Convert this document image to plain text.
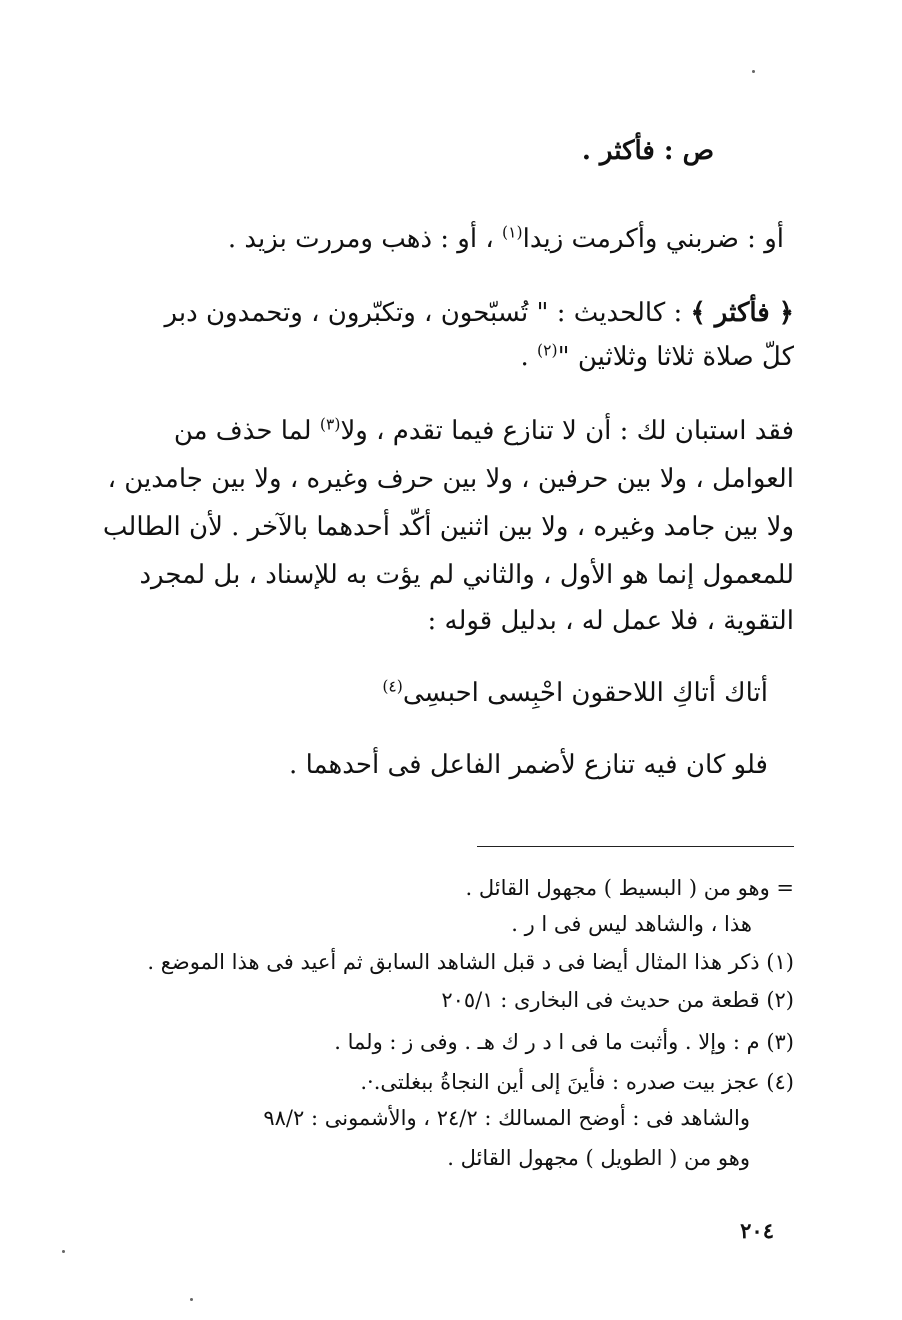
ص : فأكثر .
أو : ضربني وأكرمت زيدا$^{(١)}$ ، أو : ذهب ومررت بزيد .
﴿ فأكثر ﴾ : كالحديث : " تُسبّحون ، وتكبّرون ، وتحمدون دبر
كلّ صلاة ثلاثا وثلاثين "$^{(٢)}$ .
فقد استبان لك : أن لا تنازع فيما تقدم ، ولا$^{(٣)}$ لما حذف من
العوامل ، ولا بين حرفين ، ولا بين حرف وغيره ، ولا بين جامدين ،
ولا بين جامد وغيره ، ولا بين اثنين أكّد أحدهما بالآخر . لأن الطالب
للمعمول إنما هو الأول ، والثاني لم يؤت به للإسناد ، بل لمجرد
التقوية ، فلا عمل له ، بدليل قوله :
أتاك أتاكِ اللاحقون احْبِسى احبسِى$^{(٤)}$
فلو كان فيه تنازع لأضمر الفاعل فى أحدهما .
= وهو من ( البسيط ) مجهول القائل .
هذا ، والشاهد ليس فى ا ر .
(١) ذكر هذا المثال أيضا فى د قبل الشاهد السابق ثم أعيد فى هذا الموضع .
(٢) قطعة من حديث فى البخارى : ٢٠٥/١
(٣) م : وإلا . وأثبت ما فى ا د ر ك هـ . وفى ز : ولما .
(٤) عجز بيت صدره : فأينَ إلى أين النجاةُ ببغلتى.·.
والشاهد فى : أوضح المسالك : ٢٤/٢ ، والأشمونى : ٩٨/٢
وهو من ( الطويل ) مجهول القائل .
٢٠٤
